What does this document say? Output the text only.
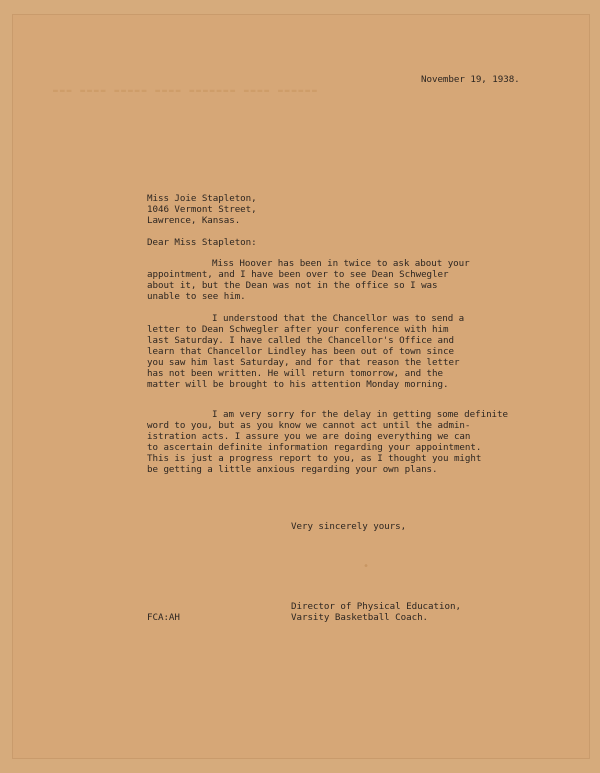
▬▬▬ ▬▬▬▬ ▬▬▬▬▬ ▬▬▬▬ ▬▬▬▬▬▬▬ ▬▬▬▬ ▬▬▬▬▬▬
November 19, 1938.
Miss Joie Stapleton,
1046 Vermont Street,
Lawrence, Kansas.
Dear Miss Stapleton:
Miss Hoover has been in twice to ask about your
appointment, and I have been over to see Dean Schwegler
about it, but the Dean was not in the office so I was
unable to see him.
I understood that the Chancellor was to send a
letter to Dean Schwegler after your conference with him
last Saturday. I have called the Chancellor's Office and
learn that Chancellor Lindley has been out of town since
you saw him last Saturday, and for that reason the letter
has not been written. He will return tomorrow, and the
matter will be brought to his attention Monday morning.
I am very sorry for the delay in getting some definite
word to you, but as you know we cannot act until the admin-
istration acts. I assure you we are doing everything we can
to ascertain definite information regarding your appointment.
This is just a progress report to you, as I thought you might
be getting a little anxious regarding your own plans.
Very sincerely yours,
•
Director of Physical Education,
Varsity Basketball Coach.
FCA:AH
